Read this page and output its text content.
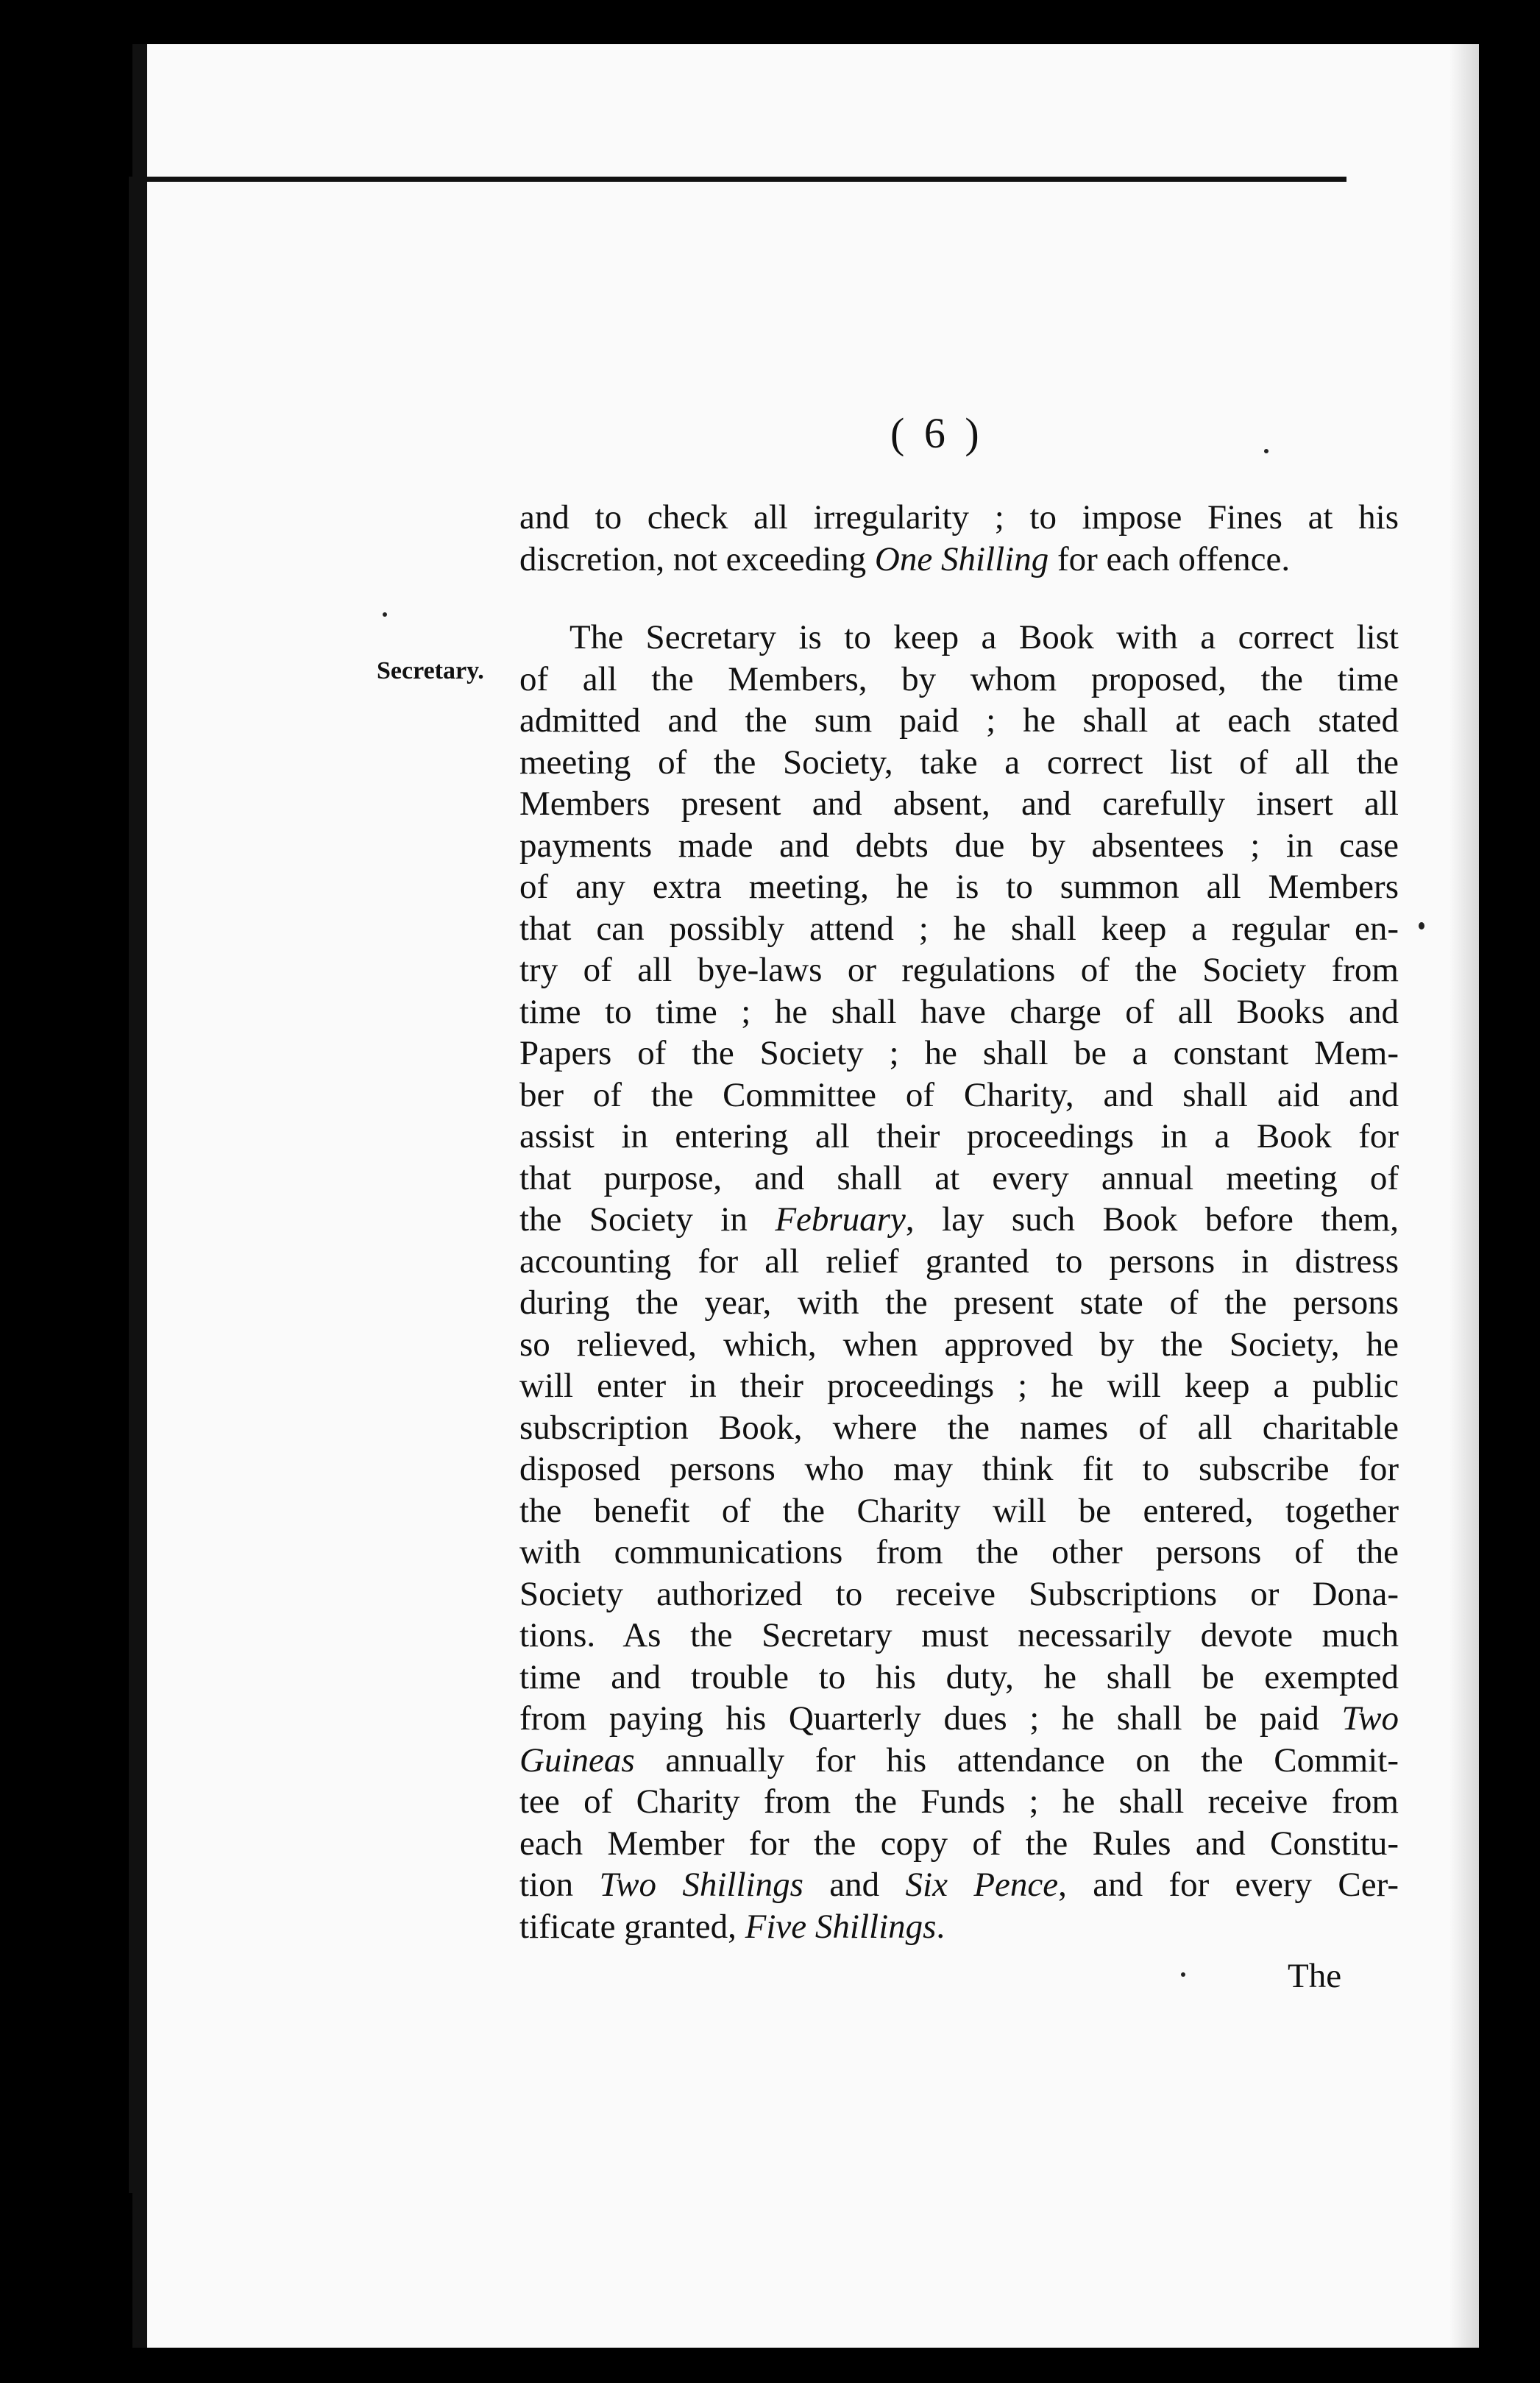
( 6 )
Secretary.
and to check all irregularity ; to impose Fines at his
discretion, not exceeding One Shilling for each offence.
The Secretary is to keep a Book with a correct list
of all the Members, by whom proposed, the time
admitted and the sum paid ; he shall at each stated
meeting of the Society, take a correct list of all the
Members present and absent, and carefully insert all
payments made and debts due by absentees ; in case
of any extra meeting, he is to summon all Members
that can possibly attend ; he shall keep a regular en-
try of all bye-laws or regulations of the Society from
time to time ; he shall have charge of all Books and
Papers of the Society ; he shall be a constant Mem-
ber of the Committee of Charity, and shall aid and
assist in entering all their proceedings in a Book for
that purpose, and shall at every annual meeting of
the Society in February, lay such Book before them,
accounting for all relief granted to persons in distress
during the year, with the present state of the persons
so relieved, which, when approved by the Society, he
will enter in their proceedings ; he will keep a public
subscription Book, where the names of all charitable
disposed persons who may think fit to subscribe for
the benefit of the Charity will be entered, together
with communications from the other persons of the
Society authorized to receive Subscriptions or Dona-
tions. As the Secretary must necessarily devote much
time and trouble to his duty, he shall be exempted
from paying his Quarterly dues ; he shall be paid Two
Guineas annually for his attendance on the Commit-
tee of Charity from the Funds ; he shall receive from
each Member for the copy of the Rules and Constitu-
tion Two Shillings and Six Pence, and for every Cer-
tificate granted, Five Shillings.
The
